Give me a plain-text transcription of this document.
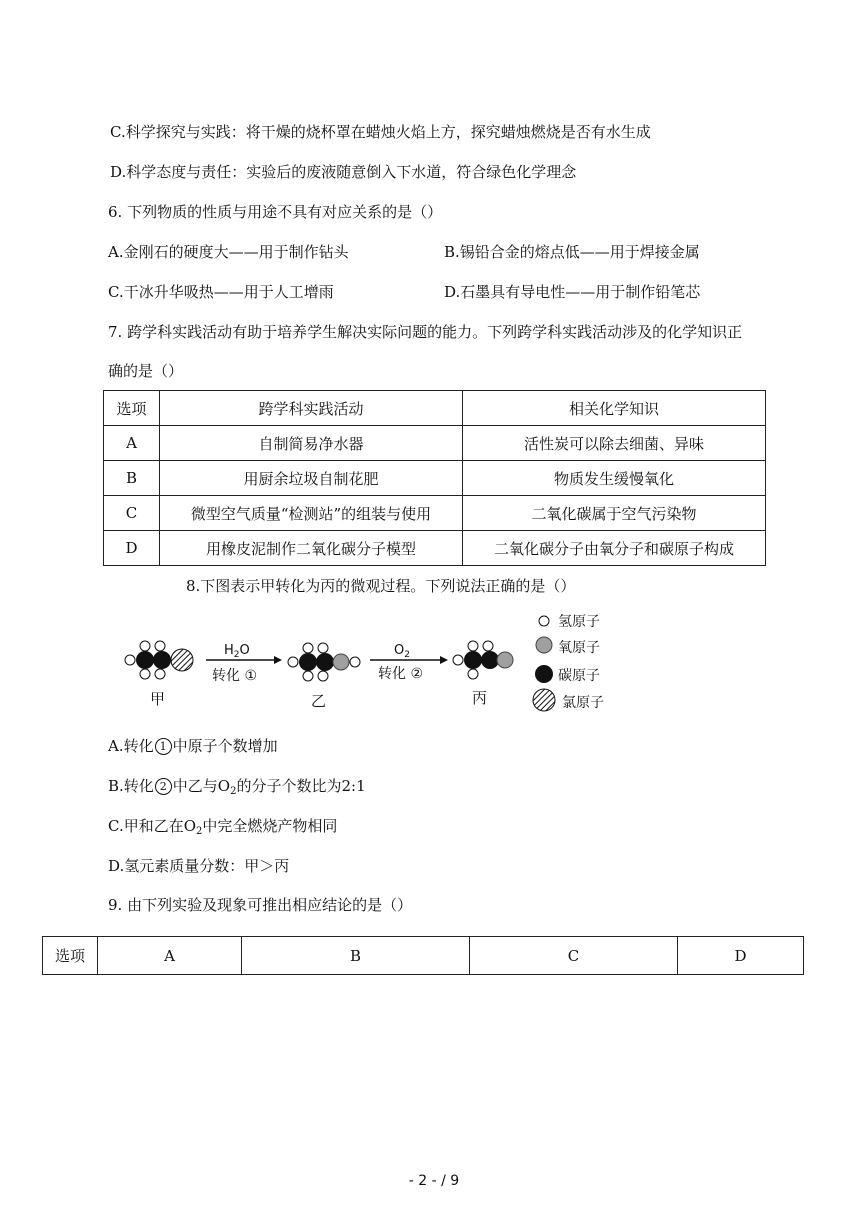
C.科学探究与实践：将干燥的烧杯罩在蜡烛火焰上方，探究蜡烛燃烧是否有水生成
D.科学态度与责任：实验后的废液随意倒入下水道，符合绿色化学理念
6. 下列物质的性质与用途不具有对应关系的是（）
A.金刚石的硬度大——用于制作钻头	B.锡铅合金的熔点低——用于焊接金属
C.干冰升华吸热——用于人工增雨	D.石墨具有导电性——用于制作铅笔芯
7. 跨学科实践活动有助于培养学生解决实际问题的能力。下列跨学科实践活动涉及的化学知识正
确的是（）
选项	跨学科实践活动	相关化学知识
A	自制简易净水器	活性炭可以除去细菌、异味
B	用厨余垃圾自制花肥	物质发生缓慢氧化
C	微型空气质量“检测站”的组装与使用	二氧化碳属于空气污染物
D	用橡皮泥制作二氧化碳分子模型	二氧化碳分子由氧分子和碳原子构成
8.下图表示甲转化为丙的微观过程。下列说法正确的是（）
甲
$H_2O$
转化 ①
乙
$O_2$
转化 ②
丙
氢原子
氧原子
碳原子
氯原子
A.转化 1 中原子个数增加
B.转化 2 中乙与$O_2$的分子个数比为2:1
C.甲和乙在$O_2$中完全燃烧产物相同
D.氢元素质量分数：甲＞丙
9. 由下列实验及现象可推出相应结论的是（）
选项	A	B	C	D
- 2 - / 9
